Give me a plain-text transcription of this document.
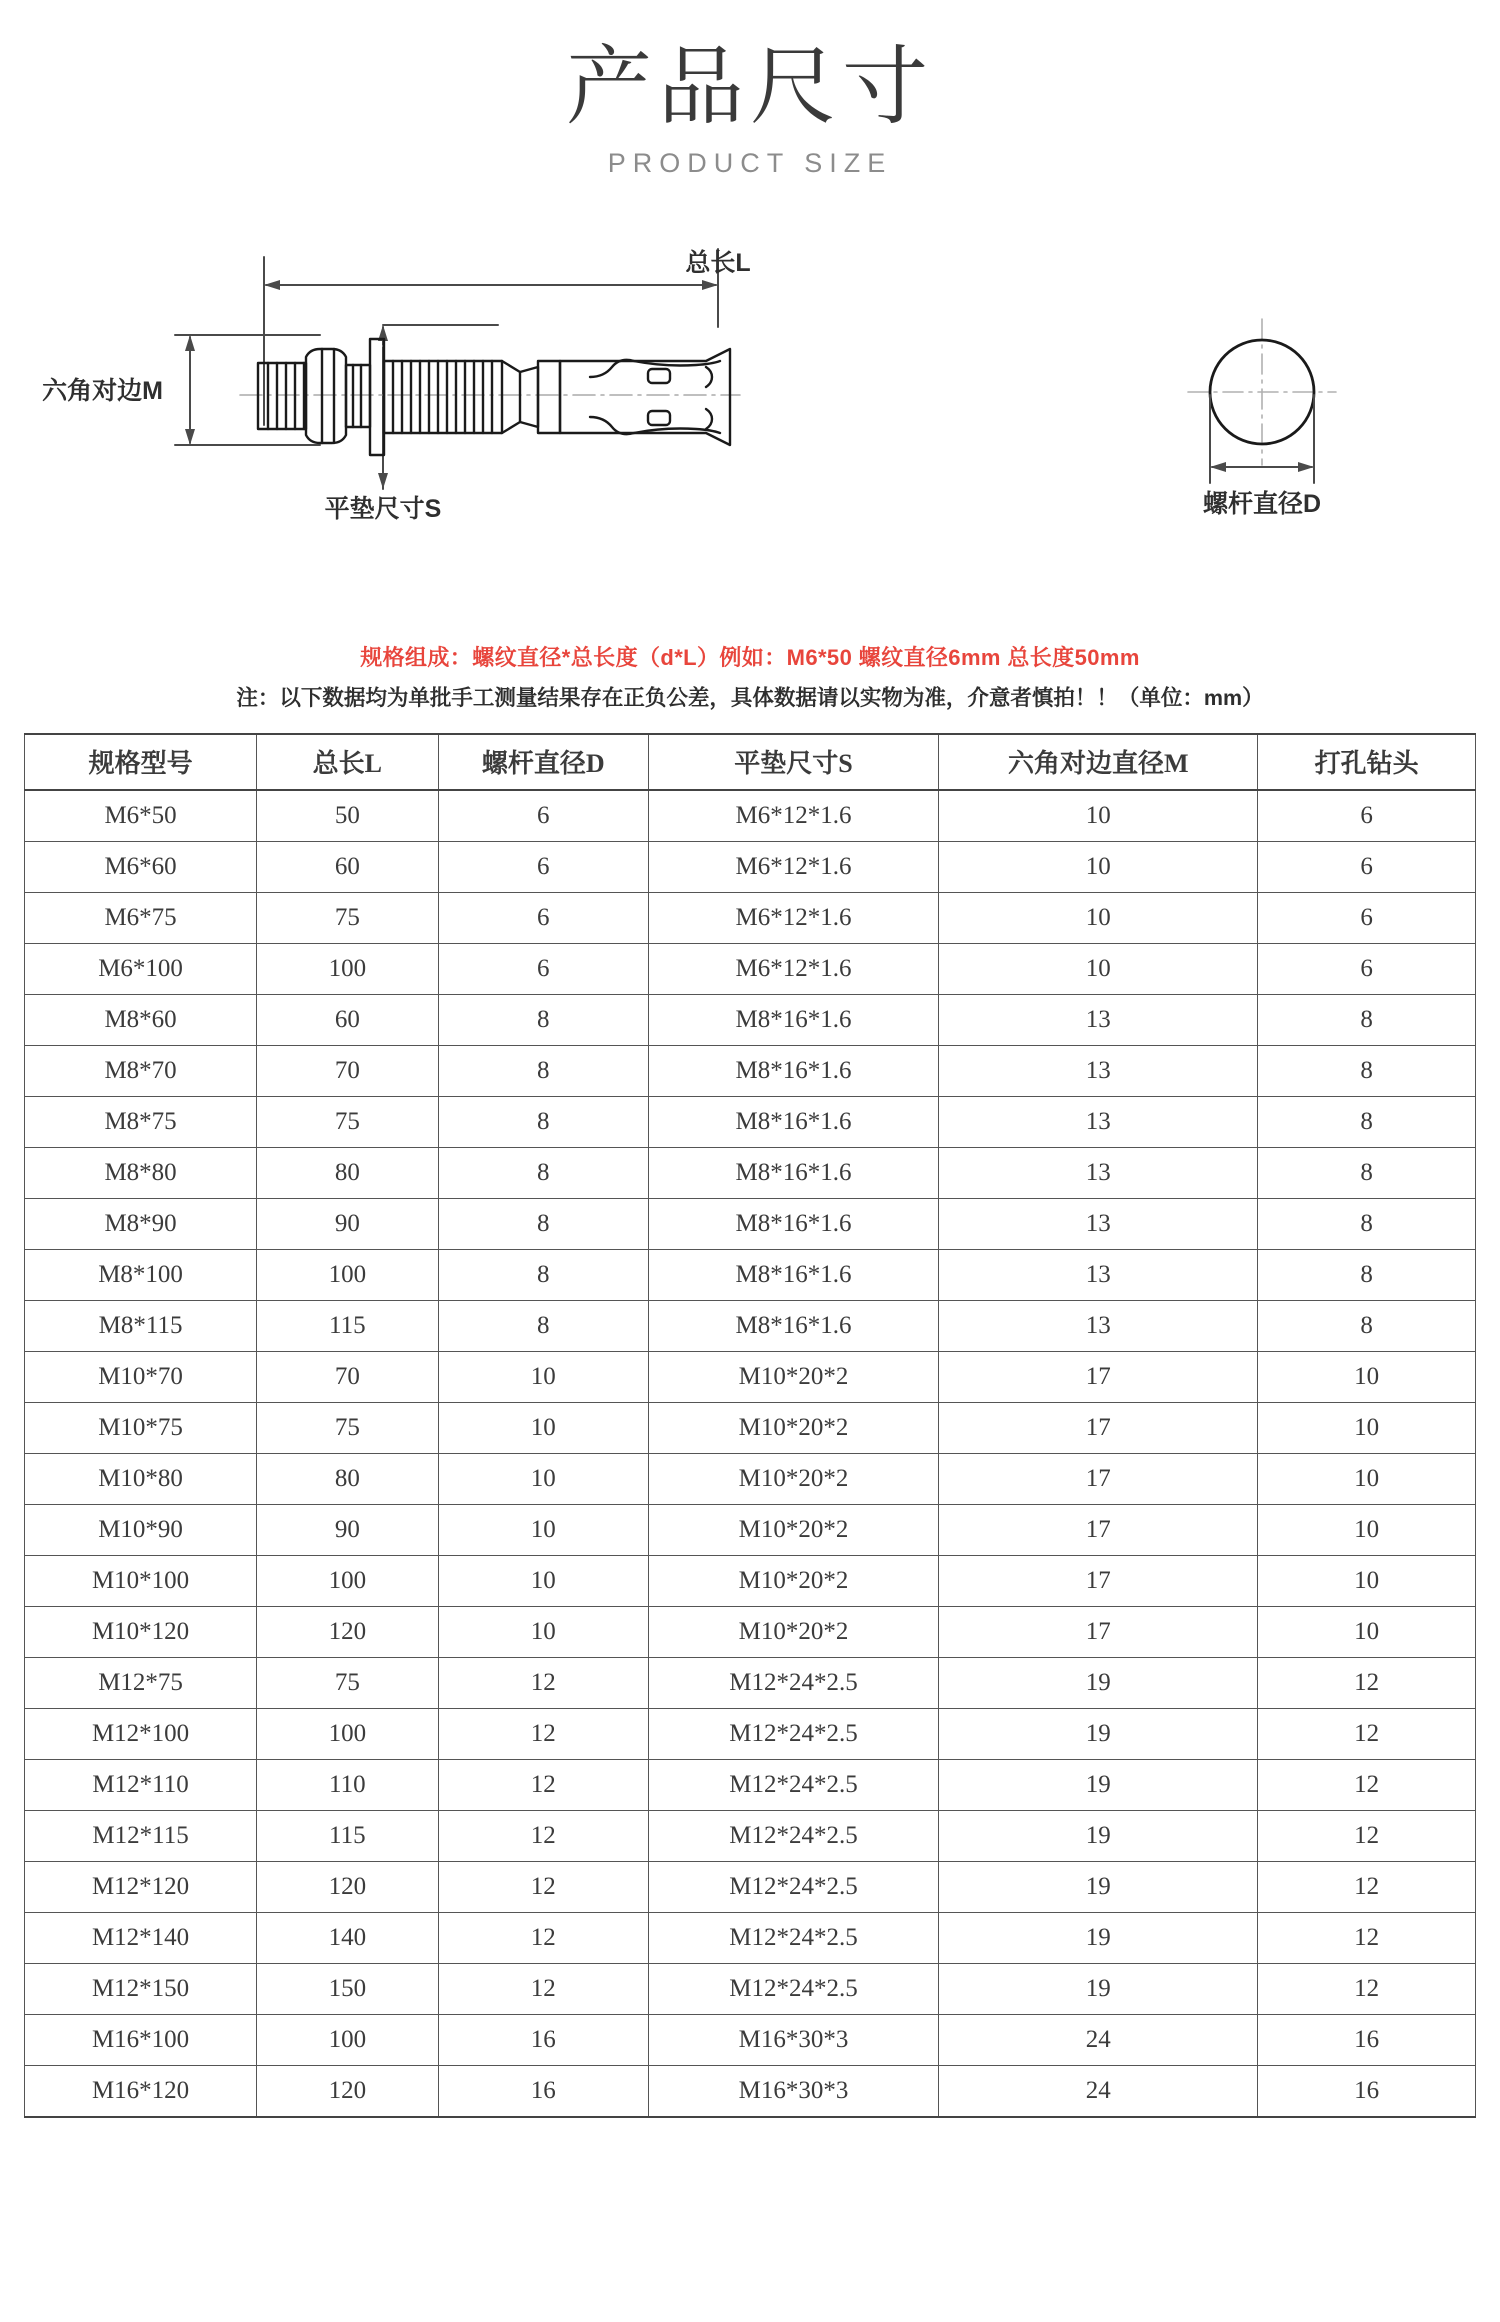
产品尺寸
PRODUCT SIZE
总长L
六角对边M
平垫尺寸S	螺杆直径D
规格组成：螺纹直径*总长度（d*L）例如：M6*50 螺纹直径6mm 总长度50mm
注：以下数据均为单批手工测量结果存在正负公差，具体数据请以实物为准，介意者慎拍！！（单位：mm）
规格型号	总长L	螺杆直径D	平垫尺寸S	六角对边直径M	打孔钻头
M6*50	50	6	M6*12*1.6	10	6
M6*60	60	6	M6*12*1.6	10	6
M6*75	75	6	M6*12*1.6	10	6
M6*100	100	6	M6*12*1.6	10	6
M8*60	60	8	M8*16*1.6	13	8
M8*70	70	8	M8*16*1.6	13	8
M8*75	75	8	M8*16*1.6	13	8
M8*80	80	8	M8*16*1.6	13	8
M8*90	90	8	M8*16*1.6	13	8
M8*100	100	8	M8*16*1.6	13	8
M8*115	115	8	M8*16*1.6	13	8
M10*70	70	10	M10*20*2	17	10
M10*75	75	10	M10*20*2	17	10
M10*80	80	10	M10*20*2	17	10
M10*90	90	10	M10*20*2	17	10
M10*100	100	10	M10*20*2	17	10
M10*120	120	10	M10*20*2	17	10
M12*75	75	12	M12*24*2.5	19	12
M12*100	100	12	M12*24*2.5	19	12
M12*110	110	12	M12*24*2.5	19	12
M12*115	115	12	M12*24*2.5	19	12
M12*120	120	12	M12*24*2.5	19	12
M12*140	140	12	M12*24*2.5	19	12
M12*150	150	12	M12*24*2.5	19	12
M16*100	100	16	M16*30*3	24	16
M16*120	120	16	M16*30*3	24	16
